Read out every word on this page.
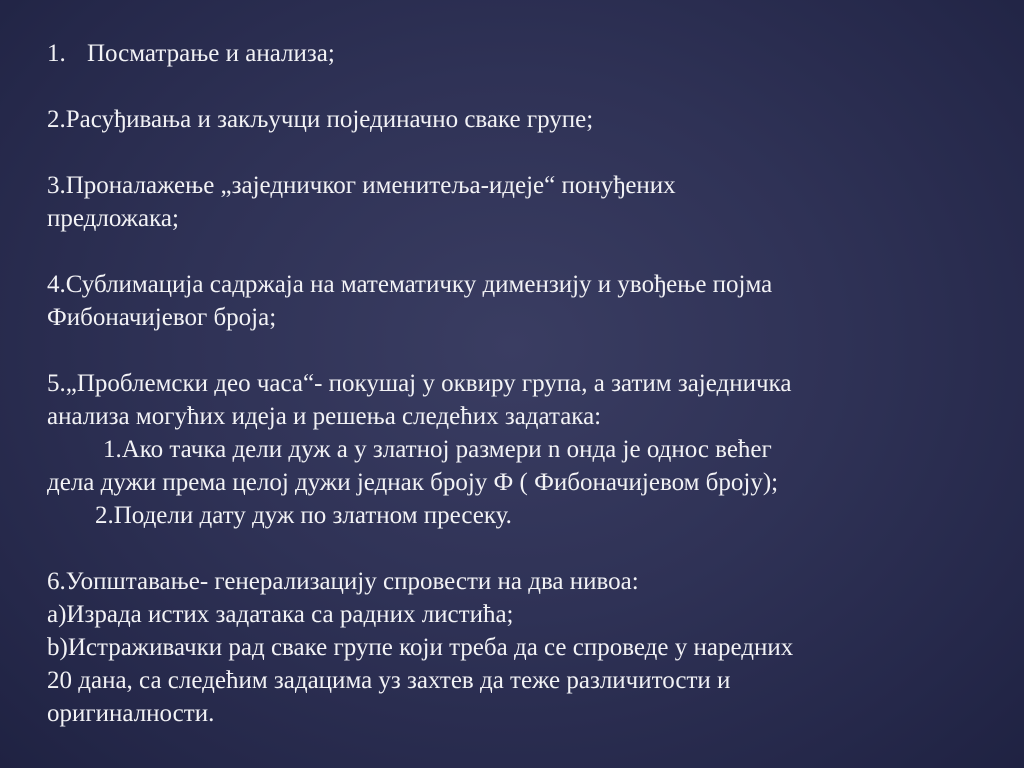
1. Посматрање и анализа;
2.Расуђивања и закључци појединачно сваке групе;
3.Проналажење „заједничког именитеља-идеје“ понуђених
предложака;
4.Сублимација садржаја на математичку димензију и увођење појма
Фибоначијевог броја;
5.„Проблемски део часа“- покушај у оквиру група, а затим заједничка
анализа могућих идеја и решења следећих задатака:
1.Ако тачка дели дуж a у златној размери n онда је однос већег
дела дужи према целој дужи једнак броју Ф ( Фибоначијевом броју);
2.Подели дату дуж по златном пресеку.
6.Уопштавање- генерализацију спровести на два нивоа:
a)Израда истих задатака са радних листића;
b)Истраживачки рад сваке групе који треба да се спроведе у наредних
20 дана, са следећим задацима уз захтев да теже различитости и
оригиналности.
